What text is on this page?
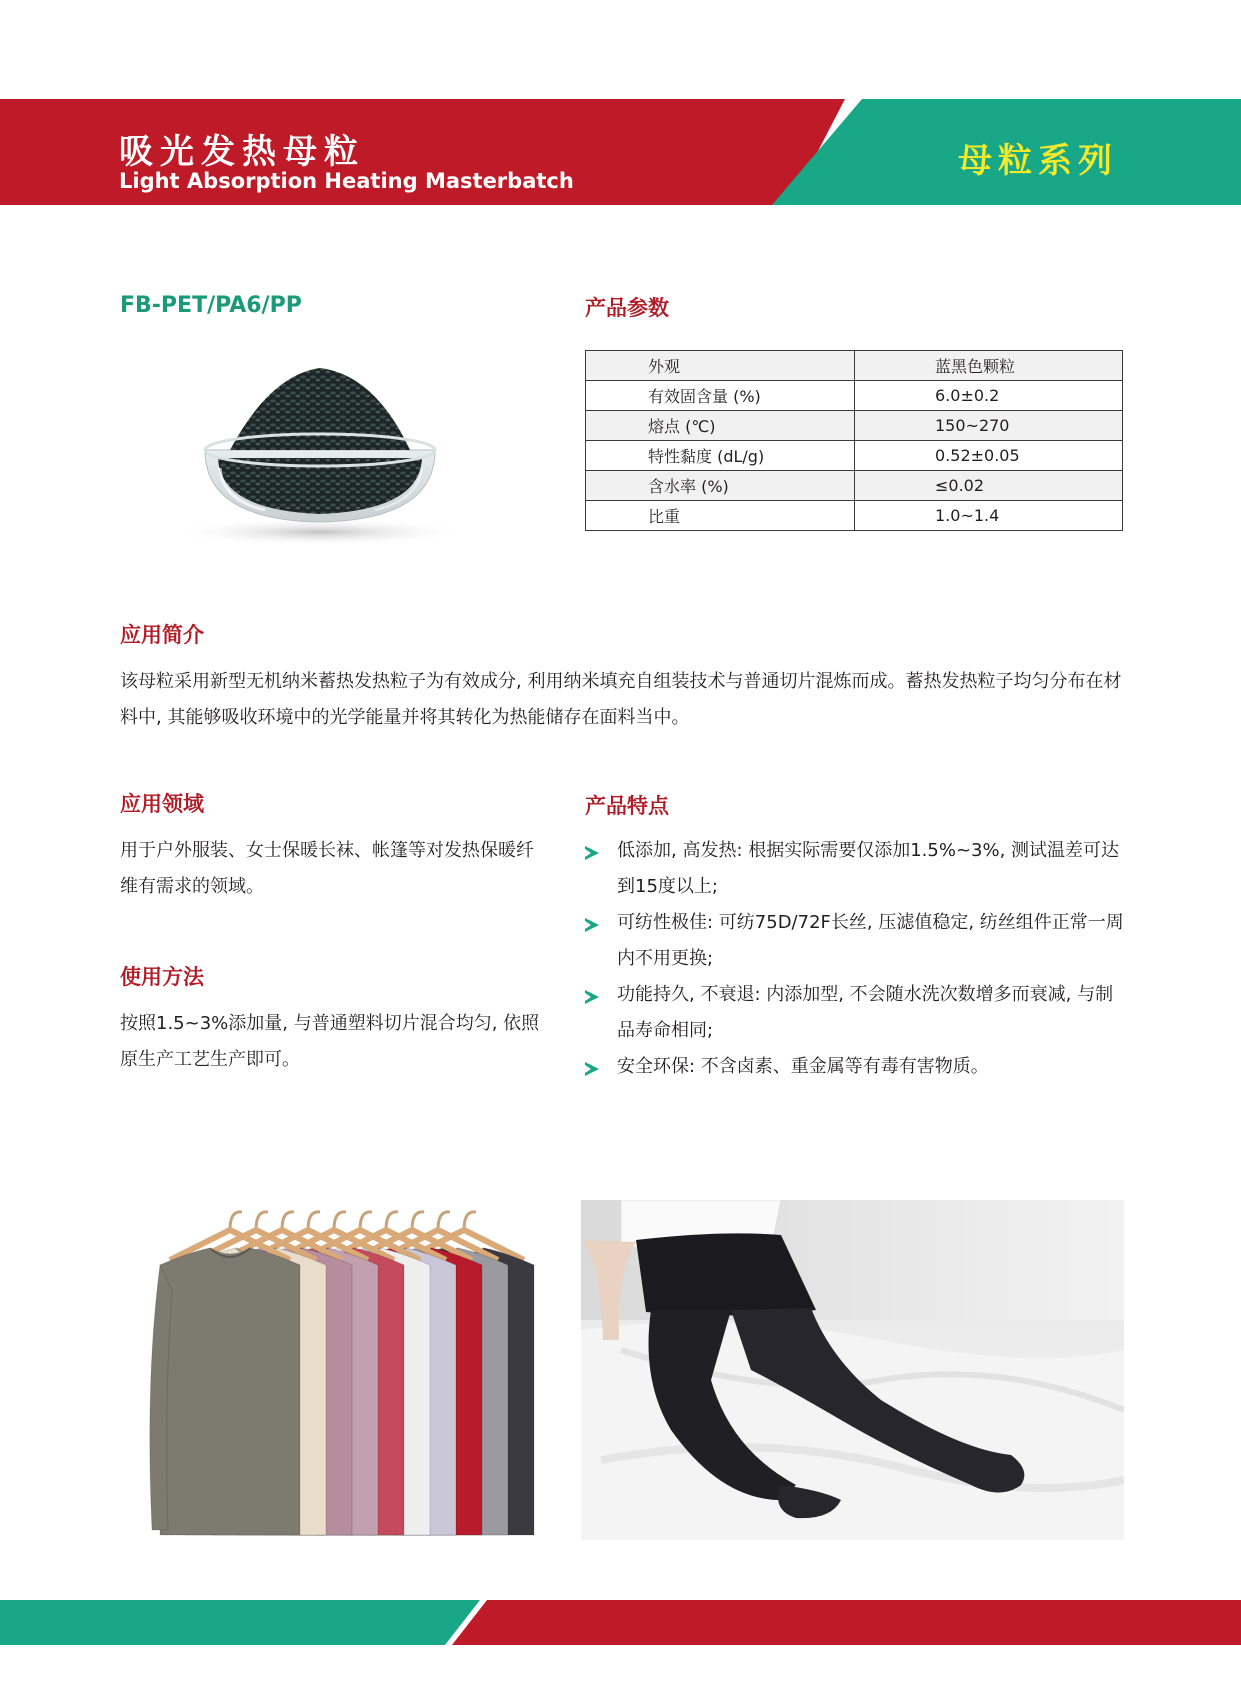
吸光发热母粒
Light Absorption Heating Masterbatch	母粒系列
FB-PET/PA6/PP	产品参数
外观	蓝黑色颗粒
有效固含量 (%)	6.0±0.2
熔点 (℃)	150~270
特性黏度 (dL/g)	0.52±0.05
含水率 (%)	≤0.02
比重	1.0~1.4
应用简介
该母粒采用新型无机纳米蓄热发热粒子为有效成分, 利用纳米填充自组装技术与普通切片混炼而成。蓄热发热粒子均匀分布在材料中, 其能够吸收环境中的光学能量并将其转化为热能储存在面料当中。
应用领域
用于户外服装、女士保暖长袜、帐篷等对发热保暖纤维有需求的领域。
使用方法
按照1.5~3%添加量, 与普通塑料切片混合均匀, 依照原生产工艺生产即可。
产品特点
低添加, 高发热: 根据实际需要仅添加1.5%~3%, 测试温差可达到15度以上;
可纺性极佳: 可纺75D/72F长丝, 压滤值稳定, 纺丝组件正常一周内不用更换;
功能持久, 不衰退: 内添加型, 不会随水洗次数增多而衰减, 与制品寿命相同;
安全环保: 不含卤素、重金属等有毒有害物质。
